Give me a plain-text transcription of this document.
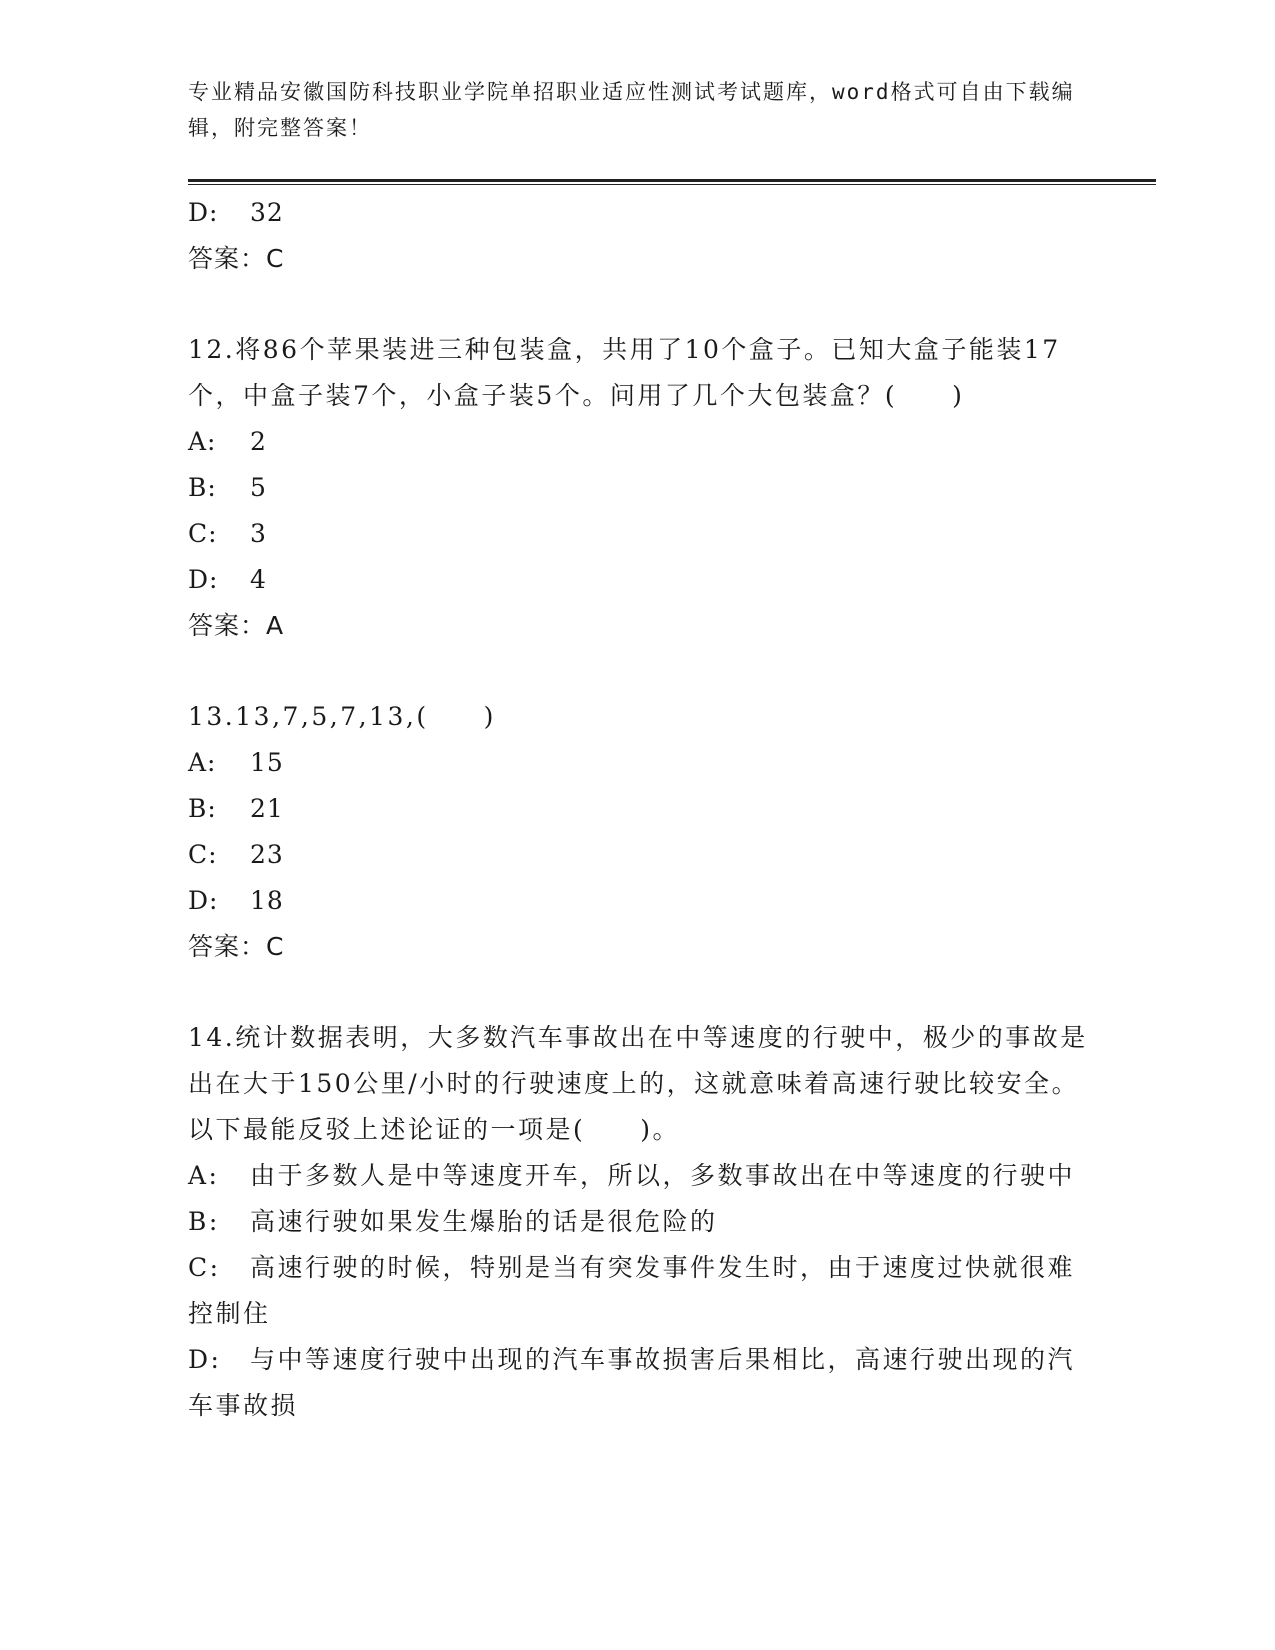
专业精品安徽国防科技职业学院单招职业适应性测试考试题库，word格式可自由下载编辑，附完整答案！
D: 32
答案：C
12.将86个苹果装进三种包装盒，共用了10个盒子。已知大盒子能装17个，中盒子装7个，小盒子装5个。问用了几个大包装盒？(　　)
A: 2
B: 5
C: 3
D: 4
答案：A
13.13,7,5,7,13,(　　)
A: 15
B: 21
C: 23
D: 18
答案：C
14.统计数据表明，大多数汽车事故出在中等速度的行驶中，极少的事故是出在大于150公里/小时的行驶速度上的，这就意味着高速行驶比较安全。以下最能反驳上述论证的一项是(　　)。
A: 由于多数人是中等速度开车，所以，多数事故出在中等速度的行驶中
B: 高速行驶如果发生爆胎的话是很危险的
C: 高速行驶的时候，特别是当有突发事件发生时，由于速度过快就很难控制住
D: 与中等速度行驶中出现的汽车事故损害后果相比，高速行驶出现的汽车事故损
